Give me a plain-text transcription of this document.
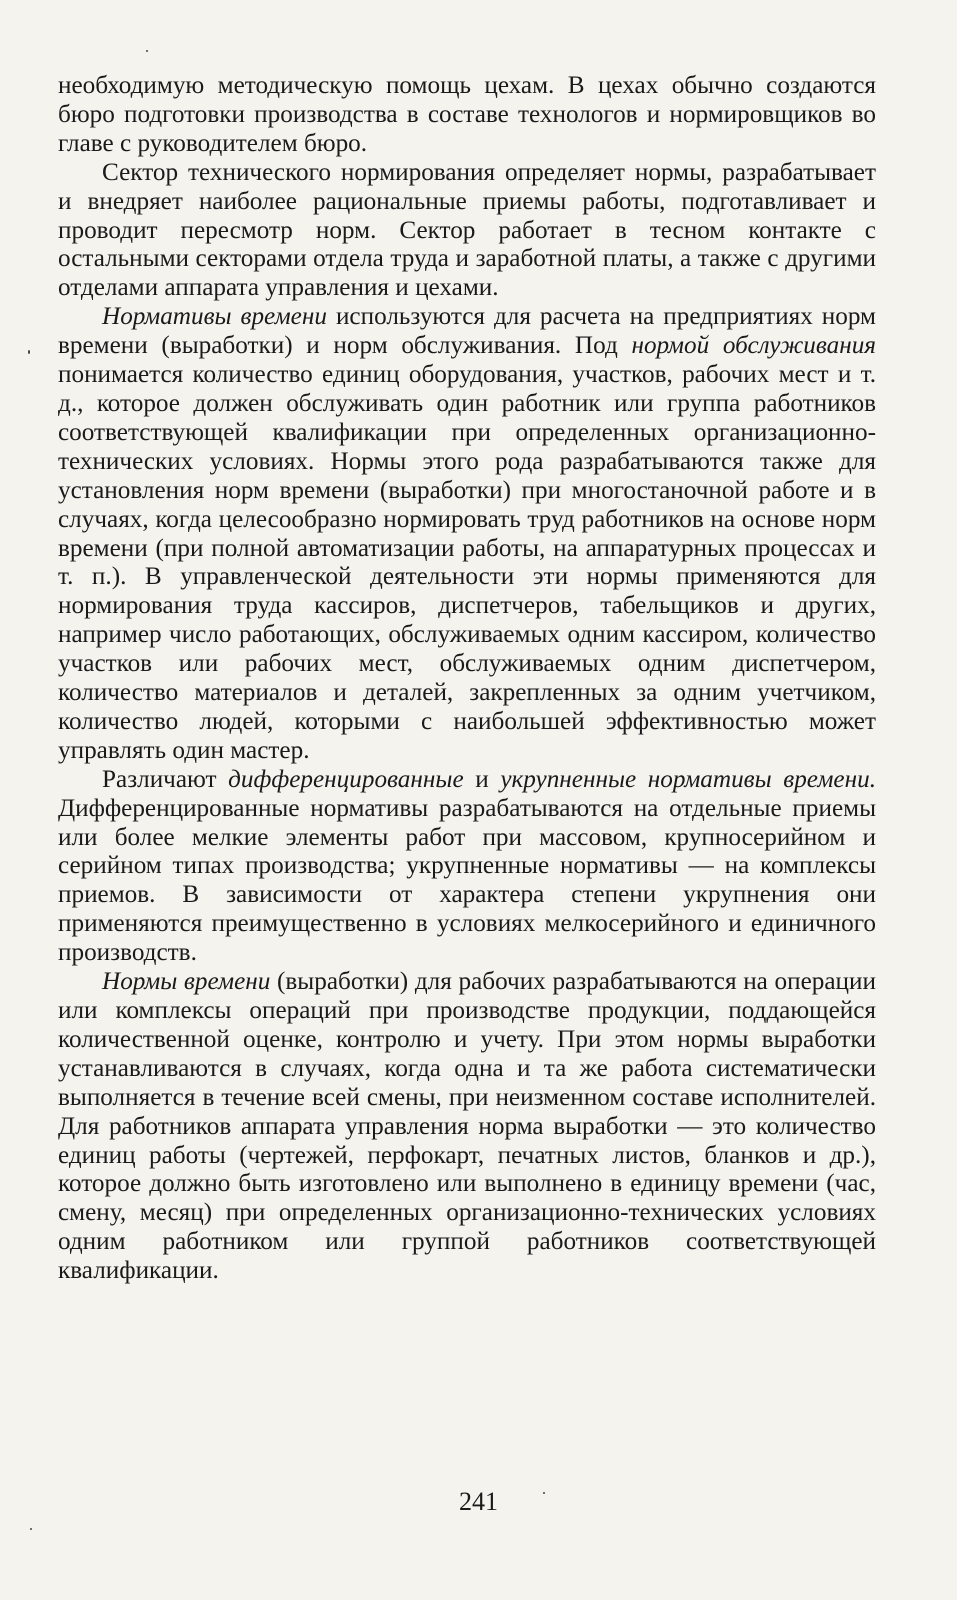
необходимую методическую помощь цехам. В цехах обычно создаются бюро подготовки производства в составе технологов и нормировщиков во главе с руководителем бюро.

Сектор технического нормирования определяет нормы, разрабатывает и внедряет наиболее рациональные приемы работы, подготавливает и проводит пересмотр норм. Сектор работает в тесном контакте с остальными секторами отдела труда и заработной платы, а также с другими отделами аппарата управления и цехами.

Нормативы времени используются для расчета на предприятиях норм времени (выработки) и норм обслуживания. Под нормой обслуживания понимается количество единиц оборудования, участков, рабочих мест и т. д., которое должен обслуживать один работник или группа работников соответствующей квалификации при определенных организационно-технических условиях. Нормы этого рода разрабатываются также для установления норм времени (выработки) при многостаночной работе и в случаях, когда целесообразно нормировать труд работников на основе норм времени (при полной автоматизации работы, на аппаратурных процессах и т. п.). В управленческой деятельности эти нормы применяются для нормирования труда кассиров, диспетчеров, табельщиков и других, например число работающих, обслуживаемых одним кассиром, количество участков или рабочих мест, обслуживаемых одним диспетчером, количество материалов и деталей, закрепленных за одним учетчиком, количество людей, которыми с наибольшей эффективностью может управлять один мастер.

Различают дифференцированные и укрупненные нормативы времени. Дифференцированные нормативы разрабатываются на отдельные приемы или более мелкие элементы работ при массовом, крупносерийном и серийном типах производства; укрупненные нормативы — на комплексы приемов. В зависимости от характера степени укрупнения они применяются преимущественно в условиях мелкосерийного и единичного производств.

Нормы времени (выработки) для рабочих разрабатываются на операции или комплексы операций при производстве продукции, поддающейся количественной оценке, контролю и учету. При этом нормы выработки устанавливаются в случаях, когда одна и та же работа систематически выполняется в течение всей смены, при неизменном составе исполнителей. Для работников аппарата управления норма выработки — это количество единиц работы (чертежей, перфокарт, печатных листов, бланков и др.), которое должно быть изготовлено или выполнено в единицу времени (час, смену, месяц) при определенных организационно-технических условиях одним работником или группой работников соответствующей квалификации.

241
